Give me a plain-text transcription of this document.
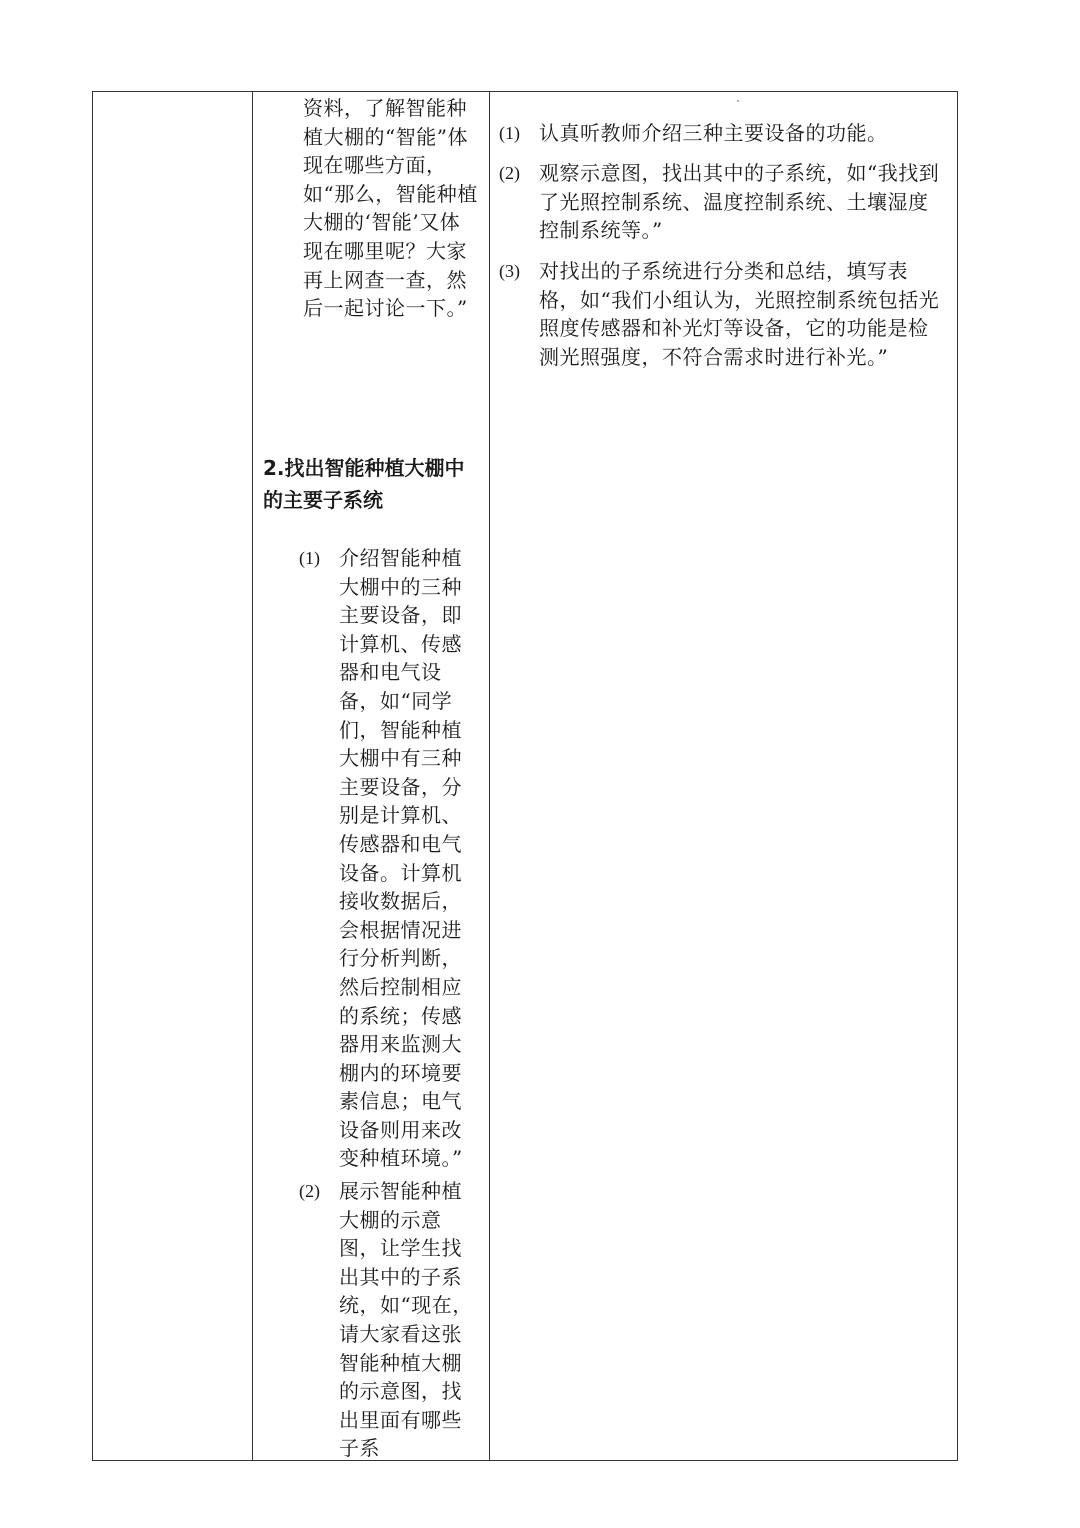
资料，了解智能种植大棚的“智能”体现在哪些方面，如“那么，智能种植大棚的‘智能’又体现在哪里呢？大家再上网查一查，然后一起讨论一下。”
2.找出智能种植大棚中的主要子系统
(1) 介绍智能种植大棚中的三种主要设备，即计算机、传感器和电气设备，如“同学们，智能种植大棚中有三种主要设备，分别是计算机、传感器和电气设备。计算机接收数据后，会根据情况进行分析判断，然后控制相应的系统；传感器用来监测大棚内的环境要素信息；电气设备则用来改变种植环境。”
(2) 展示智能种植大棚的示意图，让学生找出其中的子系统，如“现在，请大家看这张智能种植大棚的示意图，找出里面有哪些子系
(1) 认真听教师介绍三种主要设备的功能。
(2) 观察示意图，找出其中的子系统，如“我找到了光照控制系统、温度控制系统、土壤湿度控制系统等。”
(3) 对找出的子系统进行分类和总结，填写表格，如“我们小组认为，光照控制系统包括光照度传感器和补光灯等设备，它的功能是检测光照强度，不符合需求时进行补光。”
